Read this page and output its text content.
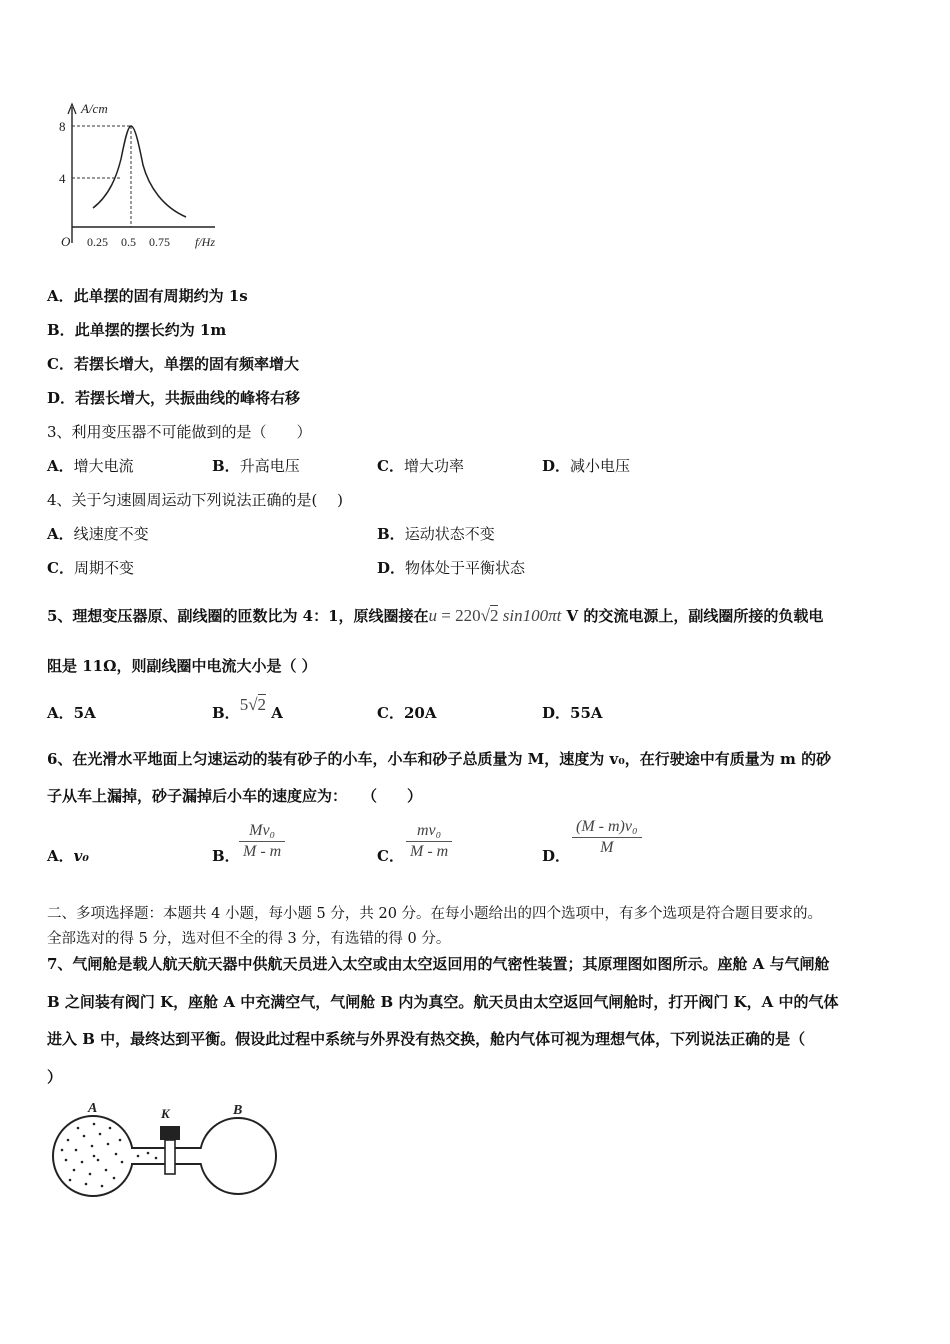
A/cm
8
4
O 0.25 0.5 0.75 f/Hz
A．此单摆的固有周期约为 1s
B．此单摆的摆长约为 1m
C．若摆长增大，单摆的固有频率增大
D．若摆长增大，共振曲线的峰将右移
3、利用变压器不可能做到的是（　　）
A．增大电流	B．升高电压	C．增大功率	D．减小电压
4、关于匀速圆周运动下列说法正确的是(　 )
A．线速度不变	B．运动状态不变
C．周期不变	D．物体处于平衡状态
5、理想变压器原、副线圈的匝数比为 4：1，原线圈接在u = 220√2 sin100πt V 的交流电源上，副线圈所接的负载电
阻是 11Ω，则副线圈中电流大小是（ ）
A．5A	B．5√2 A	C．20A	D．55A
6、在光滑水平地面上匀速运动的装有砂子的小车，小车和砂子总质量为 M，速度为 v₀，在行驶途中有质量为 m 的砂
子从车上漏掉，砂子漏掉后小车的速度应为：　　（　　）
A．v₀	B．
Mv₀
M - m	C．
mv₀
M - m	D．
(M - m)v₀
M
二、多项选择题：本题共 4 小题，每小题 5 分，共 20 分。在每小题给出的四个选项中，有多个选项是符合题目要求的。
全部选对的得 5 分，选对但不全的得 3 分，有选错的得 0 分。
7、气闸舱是载人航天航天器中供航天员进入太空或由太空返回用的气密性装置；其原理图如图所示。座舱 A 与气闸舱
B 之间装有阀门 K，座舱 A 中充满空气，气闸舱 B 内为真空。航天员由太空返回气闸舱时，打开阀门 K，A 中的气体
进入 B 中，最终达到平衡。假设此过程中系统与外界没有热交换，舱内气体可视为理想气体，下列说法正确的是（
）
A	K	B
